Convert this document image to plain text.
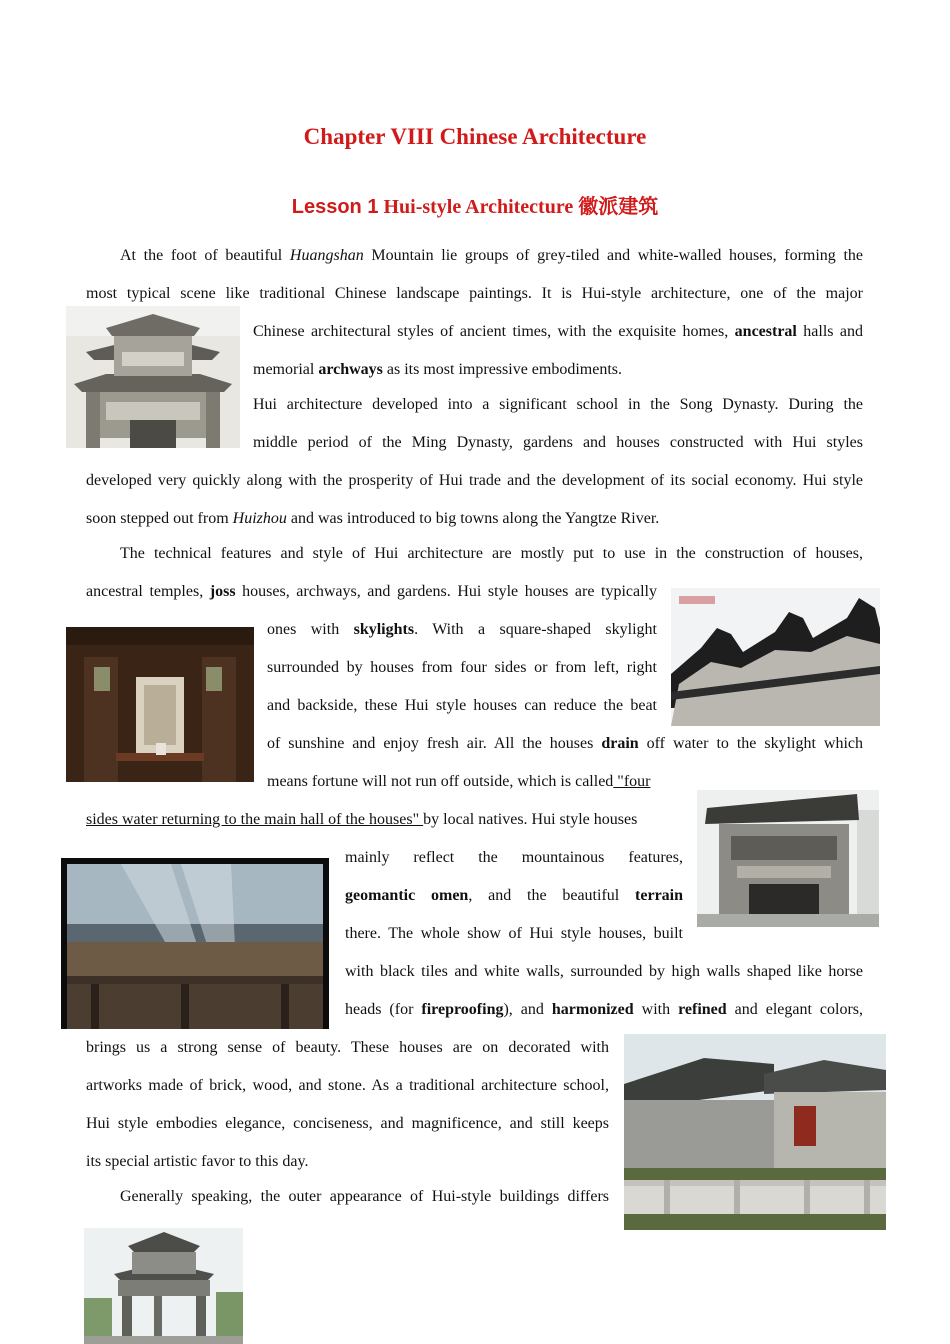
Chapter VIII Chinese Architecture
Lesson 1 Hui-style Architecture 徽派建筑
At the foot of beautiful Huangshan Mountain lie groups of grey-tiled and white-walled houses, forming the
most typical scene like traditional Chinese landscape paintings. It is Hui-style architecture, one of the major
Chinese architectural styles of ancient times, with the exquisite homes, ancestral halls and
memorial archways as its most impressive embodiments.
Hui architecture developed into a significant school in the Song Dynasty. During the
middle period of the Ming Dynasty, gardens and houses constructed with Hui styles
developed very quickly along with the prosperity of Hui trade and the development of its social economy. Hui style
soon stepped out from Huizhou and was introduced to big towns along the Yangtze River.
The technical features and style of Hui architecture are mostly put to use in the construction of houses,
ancestral temples, joss houses, archways, and gardens. Hui style houses are typically
ones with skylights. With a square-shaped skylight
surrounded by houses from four sides or from left, right
and backside, these Hui style houses can reduce the beat
of sunshine and enjoy fresh air. All the houses drain off water to the skylight which
means fortune will not run off outside, which is called "four
sides water returning to the main hall of the houses" by local natives. Hui style houses
mainly reflect the mountainous features,
geomantic omen, and the beautiful terrain
there. The whole show of Hui style houses, built
with black tiles and white walls, surrounded by high walls shaped like horse
heads (for fireproofing), and harmonized with refined and elegant colors,
brings us a strong sense of beauty. These houses are on decorated with
artworks made of brick, wood, and stone. As a traditional architecture school,
Hui style embodies elegance, conciseness, and magnificence, and still keeps
its special artistic favor to this day.
Generally speaking, the outer appearance of Hui-style buildings differs
